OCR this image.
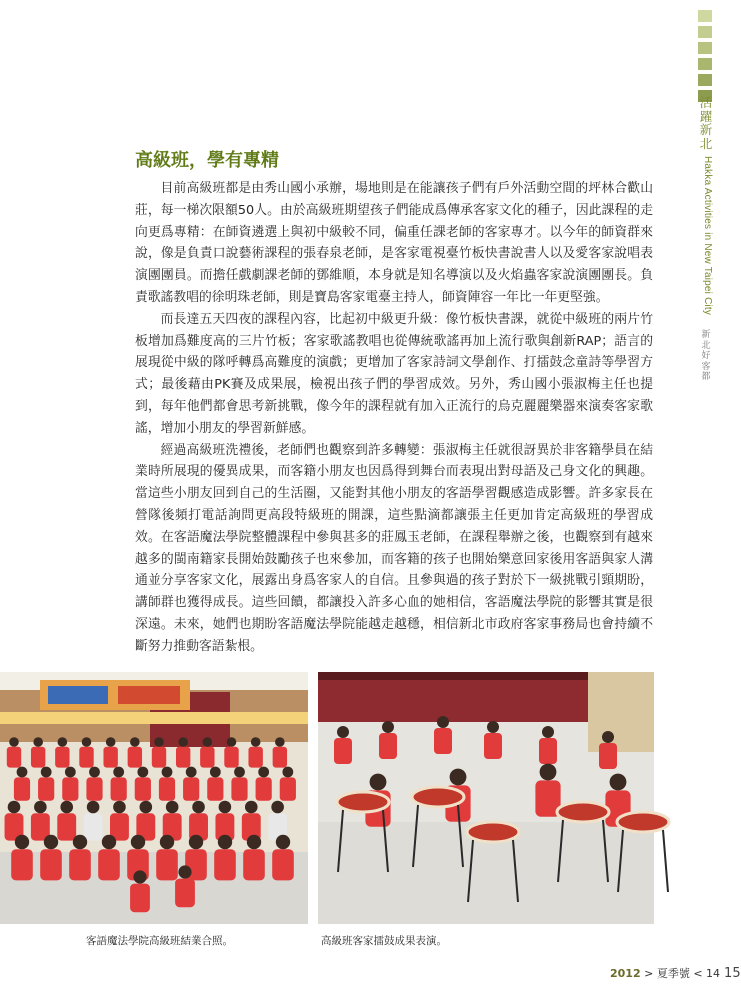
活
躍
新
北
Hakka Activities in New Taipei City
新
北
好
客
都
高級班，學有專精

目前高級班都是由秀山國小承辦，場地則是在能讓孩子們有戶外活動空間的坪林合歡山莊，每一梯次限額50人。由於高級班期望孩子們能成爲傳承客家文化的種子，因此課程的走向更爲專精：在師資遴選上與初中級較不同，偏重任課老師的客家專才。以今年的師資群來說，像是負責口說藝術課程的張春泉老師，是客家電視臺竹板快書說書人以及愛客家說唱表演團團員。而擔任戲劇課老師的鄧維順，本身就是知名導演以及火焰蟲客家說演團團長。負責歌謠教唱的徐明珠老師，則是寶島客家電臺主持人，師資陣容一年比一年更堅強。

而長達五天四夜的課程內容，比起初中級更升級：像竹板快書課，就從中級班的兩片竹板增加爲難度高的三片竹板；客家歌謠教唱也從傳統歌謠再加上流行歌與創新RAP；語言的展現從中級的隊呼轉爲高難度的演戲；更增加了客家詩詞文學創作、打擂鼓念童詩等學習方式；最後藉由PK賽及成果展，檢視出孩子們的學習成效。另外，秀山國小張淑梅主任也提到，每年他們都會思考新挑戰，像今年的課程就有加入正流行的烏克麗麗樂器來演奏客家歌謠，增加小朋友的學習新鮮感。

經過高級班洗禮後，老師們也觀察到許多轉變：張淑梅主任就很訝異於非客籍學員在結業時所展現的優異成果，而客籍小朋友也因爲得到舞台而表現出對母語及己身文化的興趣。當這些小朋友回到自己的生活圈，又能對其他小朋友的客語學習觀感造成影響。許多家長在營隊後頻打電話詢問更高段特級班的開課，這些點滴都讓張主任更加肯定高級班的學習成效。在客語魔法學院整體課程中參與甚多的莊鳳玉老師，在課程舉辦之後，也觀察到有越來越多的閩南籍家長開始鼓勵孩子也來參加，而客籍的孩子也開始樂意回家後用客語與家人溝通並分享客家文化，展露出身爲客家人的自信。且參與過的孩子對於下一級挑戰引頸期盼，講師群也獲得成長。這些回饋，都讓投入許多心血的她相信，客語魔法學院的影響其實是很深遠。未來，她們也期盼客語魔法學院能越走越穩，相信新北市政府客家事務局也會持續不斷努力推動客語紮根。

客語魔法學院高級班結業合照。	高級班客家擂鼓成果表演。
2012 > 夏季號 < 14 15
